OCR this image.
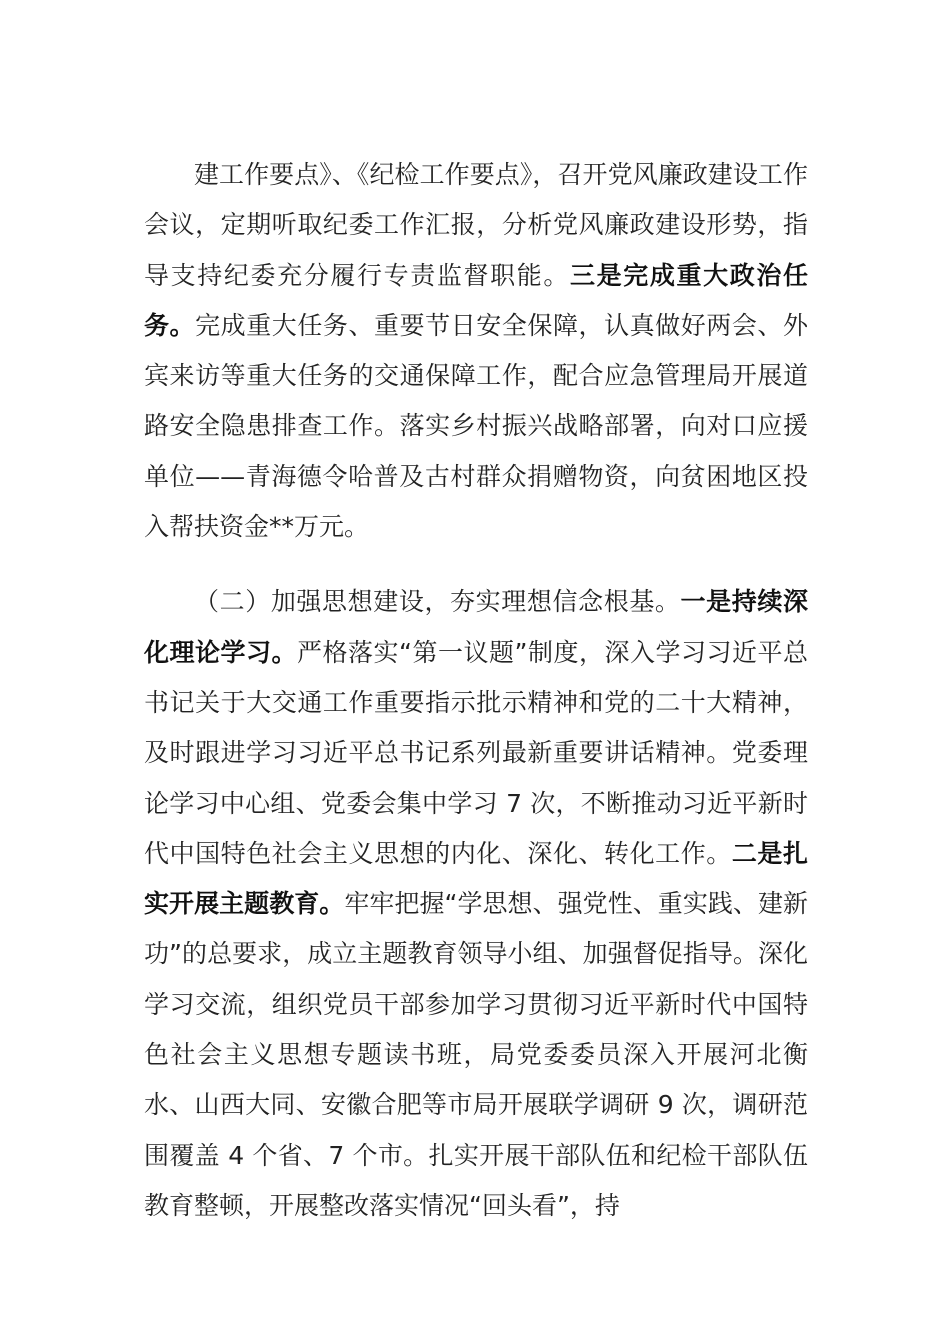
建工作要点》、《纪检工作要点》，召开党风廉政建设工作会议，定期听取纪委工作汇报，分析党风廉政建设形势，指导支持纪委充分履行专责监督职能。三是完成重大政治任务。完成重大任务、重要节日安全保障，认真做好两会、外宾来访等重大任务的交通保障工作，配合应急管理局开展道路安全隐患排查工作。落实乡村振兴战略部署，向对口应援单位——青海德令哈普及古村群众捐赠物资，向贫困地区投入帮扶资金**万元。

（二）加强思想建设，夯实理想信念根基。一是持续深化理论学习。严格落实“第一议题”制度，深入学习习近平总书记关于大交通工作重要指示批示精神和党的二十大精神，及时跟进学习习近平总书记系列最新重要讲话精神。党委理论学习中心组、党委会集中学习 7 次，不断推动习近平新时代中国特色社会主义思想的内化、深化、转化工作。二是扎实开展主题教育。牢牢把握“学思想、强党性、重实践、建新功”的总要求，成立主题教育领导小组、加强督促指导。深化学习交流，组织党员干部参加学习贯彻习近平新时代中国特色社会主义思想专题读书班，局党委委员深入开展河北衡水、山西大同、安徽合肥等市局开展联学调研 9 次，调研范围覆盖 4 个省、7 个市。扎实开展干部队伍和纪检干部队伍教育整顿，开展整改落实情况“回头看”，持
